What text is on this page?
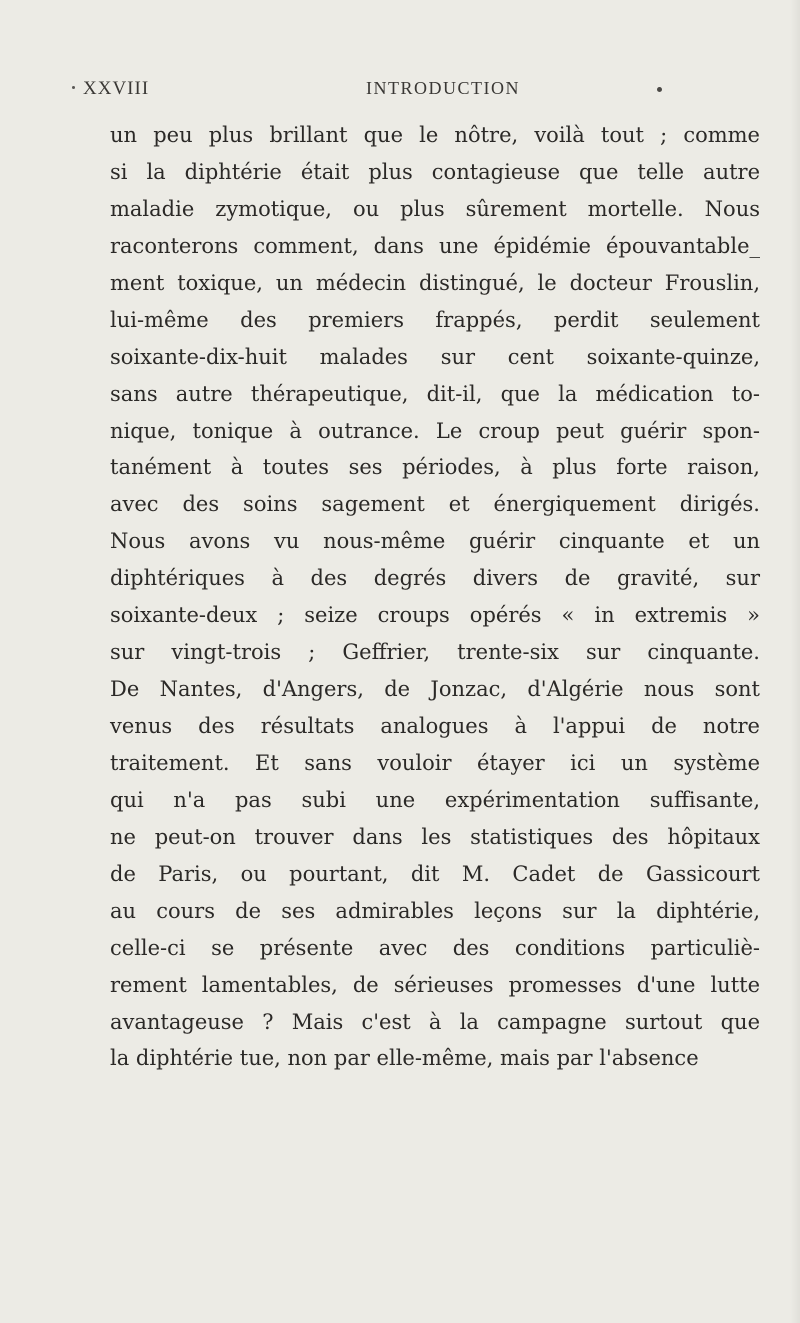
XXVIII	INTRODUCTION
un peu plus brillant que le nôtre, voilà tout ; comme
si la diphtérie était plus contagieuse que telle autre
maladie zymotique, ou plus sûrement mortelle. Nous
raconterons comment, dans une épidémie épouvantable_
ment toxique, un médecin distingué, le docteur Frouslin,
lui-même des premiers frappés, perdit seulement
soixante-dix-huit malades sur cent soixante-quinze,
sans autre thérapeutique, dit-il, que la médication to-
nique, tonique à outrance. Le croup peut guérir spon-
tanément à toutes ses périodes, à plus forte raison,
avec des soins sagement et énergiquement dirigés.
Nous avons vu nous-même guérir cinquante et un
diphtériques à des degrés divers de gravité, sur
soixante-deux ; seize croups opérés « in extremis »
sur vingt-trois ; Geffrier, trente-six sur cinquante.
De Nantes, d'Angers, de Jonzac, d'Algérie nous sont
venus des résultats analogues à l'appui de notre
traitement. Et sans vouloir étayer ici un système
qui n'a pas subi une expérimentation suffisante,
ne peut-on trouver dans les statistiques des hôpitaux
de Paris, ou pourtant, dit M. Cadet de Gassicourt
au cours de ses admirables leçons sur la diphtérie,
celle-ci se présente avec des conditions particuliè-
rement lamentables, de sérieuses promesses d'une lutte
avantageuse ? Mais c'est à la campagne surtout que
la diphtérie tue, non par elle-même, mais par l'absence
